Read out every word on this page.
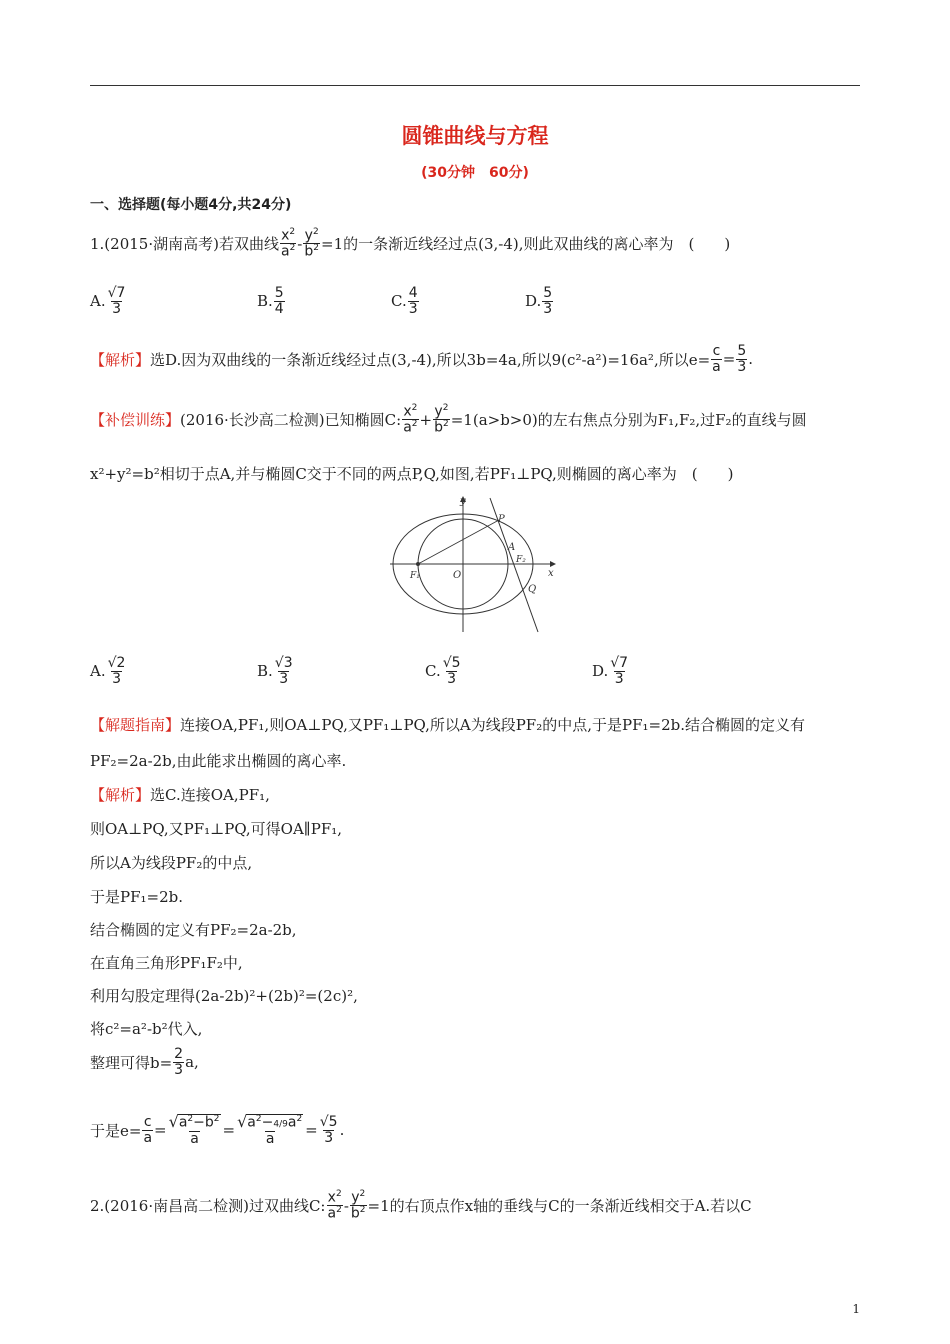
圆锥曲线与方程
(30分钟　60分)
一、选择题(每小题4分,共24分)
1.(2015·湖南高考)若双曲线 $\frac{x^2}{a^2} - \frac{y^2}{b^2} =1$的一条渐近线经过点(3,-4),则此双曲线的离心率为　(　　)
A. $\frac{√7}{3}$	B. $\frac{5}{4}$	C. $\frac{4}{3}$	D. $\frac{5}{3}$
【解析】 选D.因为双曲线的一条渐近线经过点(3,-4),所以3b=4a,所以9(c²-a²)=16a²,所以$e= \frac{c}{a} = \frac{5}{3}$ .
【补偿训练】 (2016·长沙高二检测)已知椭圆C: $\frac{x^2}{a^2} + \frac{y^2}{b^2} =1(a>b>0)$的左右焦点分别为F₁,F₂,过F₂的直线与圆
x²+y²=b²相切于点A,并与椭圆C交于不同的两点P,Q,如图,若PF₁⊥PQ,则椭圆的离心率为　(　　)
y
P
A
F₂
F₁	O	x
Q
A. $\frac{√2}{3}$	B. $\frac{√3}{3}$	C. $\frac{√5}{3}$	D. $\frac{√7}{3}$
【解题指南】连接OA,PF₁,则OA⊥PQ,又PF₁⊥PQ,所以A为线段PF₂的中点,于是PF₁=2b.结合椭圆的定义有
PF₂=2a-2b,由此能求出椭圆的离心率.
【解析】选C.连接OA,PF₁,
则OA⊥PQ,又PF₁⊥PQ,可得OA∥PF₁,
所以A为线段PF₂的中点,
于是PF₁=2b.
结合椭圆的定义有PF₂=2a-2b,
在直角三角形PF₁F₂中,
利用勾股定理得(2a-2b)²+(2b)²=(2c)²,
将c²=a²-b²代入,
整理可得$b= \frac{2}{3} a$,
于是$e= \frac{c}{a} = \frac{√ a^2-b^2}{a} = \frac{√ a^2-4/9a^2}{a} = \frac{√5}{3}$ .
2.(2016·南昌高二检测)过双曲线C: $\frac{x^2}{a^2} - \frac{y^2}{b^2} =1$的右顶点作x轴的垂线与C的一条渐近线相交于A.若以C
1
